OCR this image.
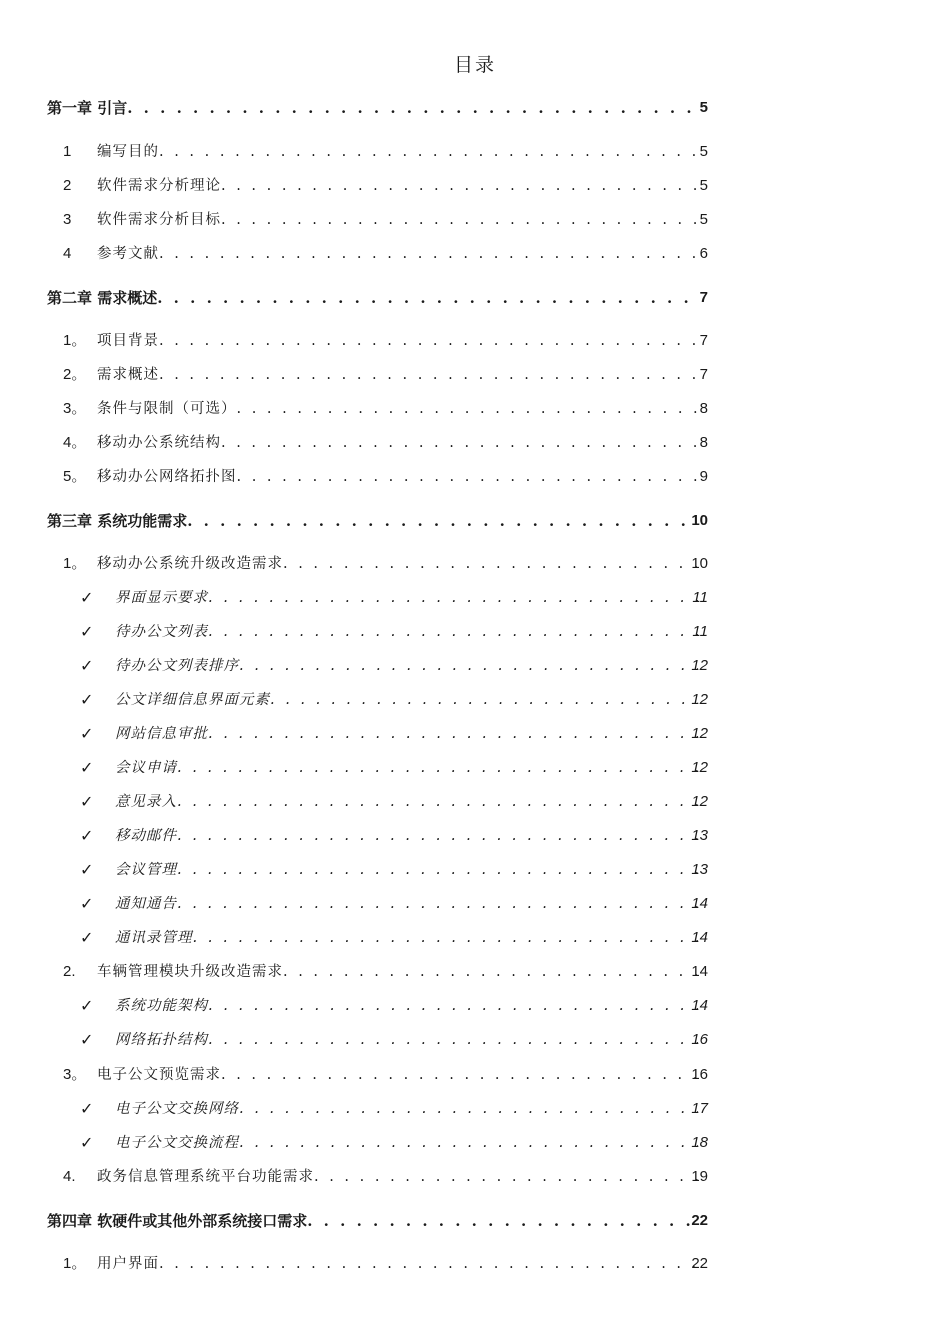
目录
第一章 引言 . . .	5
1 编写目的 . . .	5
2 软件需求分析理论 . . .	5
3 软件需求分析目标 . . .	5
4 参考文献 . . .	6
第二章 需求概述 . . .	7
1。 项目背景 . . .	7
2。 需求概述 . . .	7
3。 条件与限制（可选） . . .	8
4。 移动办公系统结构 . . .	8
5。 移动办公网络拓扑图 . . .	9
第三章 系统功能需求 . . .	10
1。 移动办公系统升级改造需求 . . .	10
✓ 界面显示要求 . . .	11
✓ 待办公文列表 . . .	11
✓ 待办公文列表排序 . . .	12
✓ 公文详细信息界面元素 . . .	12
✓ 网站信息审批 . . .	12
✓ 会议申请 . . .	12
✓ 意见录入 . . .	12
✓ 移动邮件 . . .	13
✓ 会议管理 . . .	13
✓ 通知通告 . . .	14
✓ 通讯录管理 . . .	14
2. 车辆管理模块升级改造需求 . . .	14
✓ 系统功能架构 . . .	14
✓ 网络拓扑结构 . . .	16
3。 电子公文预览需求 . . .	16
✓ 电子公文交换网络 . . .	17
✓ 电子公文交换流程 . . .	18
4. 政务信息管理系统平台功能需求 . . .	19
第四章 软硬件或其他外部系统接口需求 . . .	22
1。 用户界面 . . .	22
